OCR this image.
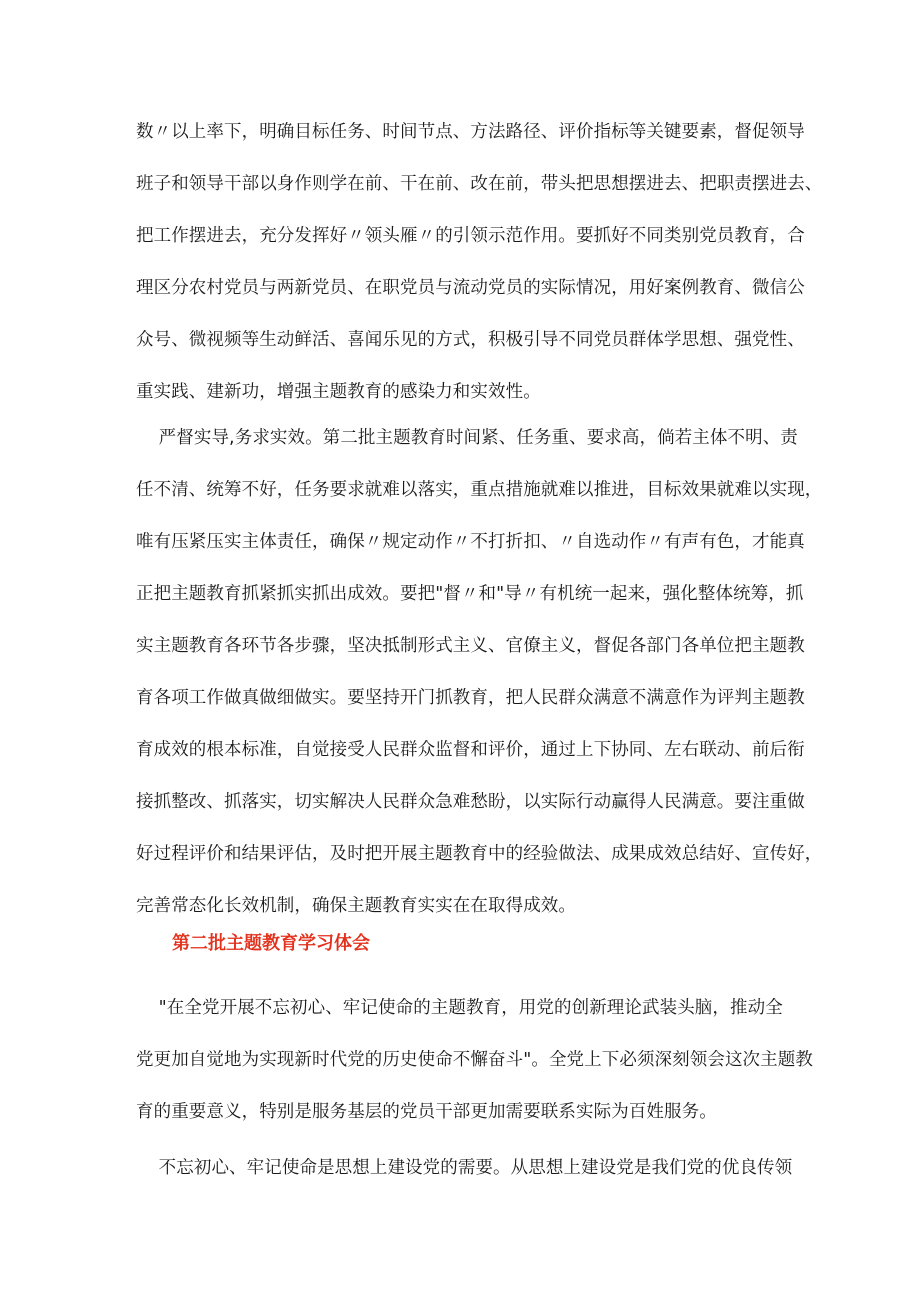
数〃以上率下，明确目标任务、时间节点、方法路径、评价指标等关键要素，督促领导
班子和领导干部以身作则学在前、干在前、改在前，带头把思想摆进去、把职责摆进去、
把工作摆进去，充分发挥好〃领头雁〃的引领示范作用。要抓好不同类别党员教育，合
理区分农村党员与两新党员、在职党员与流动党员的实际情况，用好案例教育、微信公
众号、微视频等生动鲜活、喜闻乐见的方式，积极引导不同党员群体学思想、强党性、
重实践、建新功，增强主题教育的感染力和实效性。
严督实导,务求实效。第二批主题教育时间紧、任务重、要求高，倘若主体不明、责
任不清、统筹不好，任务要求就难以落实，重点措施就难以推进，目标效果就难以实现，
唯有压紧压实主体责任，确保〃规定动作〃不打折扣、〃自选动作〃有声有色，才能真
正把主题教育抓紧抓实抓出成效。要把"督〃和"导〃有机统一起来，强化整体统筹，抓
实主题教育各环节各步骤，坚决抵制形式主义、官僚主义，督促各部门各单位把主题教
育各项工作做真做细做实。要坚持开门抓教育，把人民群众满意不满意作为评判主题教
育成效的根本标准，自觉接受人民群众监督和评价，通过上下协同、左右联动、前后衔
接抓整改、抓落实，切实解决人民群众急难愁盼，以实际行动赢得人民满意。要注重做
好过程评价和结果评估，及时把开展主题教育中的经验做法、成果成效总结好、宣传好，
完善常态化长效机制，确保主题教育实实在在取得成效。
第二批主题教育学习体会
"在全党开展不忘初心、牢记使命的主题教育，用党的创新理论武装头脑，推动全
党更加自觉地为实现新时代党的历史使命不懈奋斗"。全党上下必须深刻领会这次主题教
育的重要意义，特别是服务基层的党员干部更加需要联系实际为百姓服务。
不忘初心、牢记使命是思想上建设党的需要。从思想上建设党是我们党的优良传领
